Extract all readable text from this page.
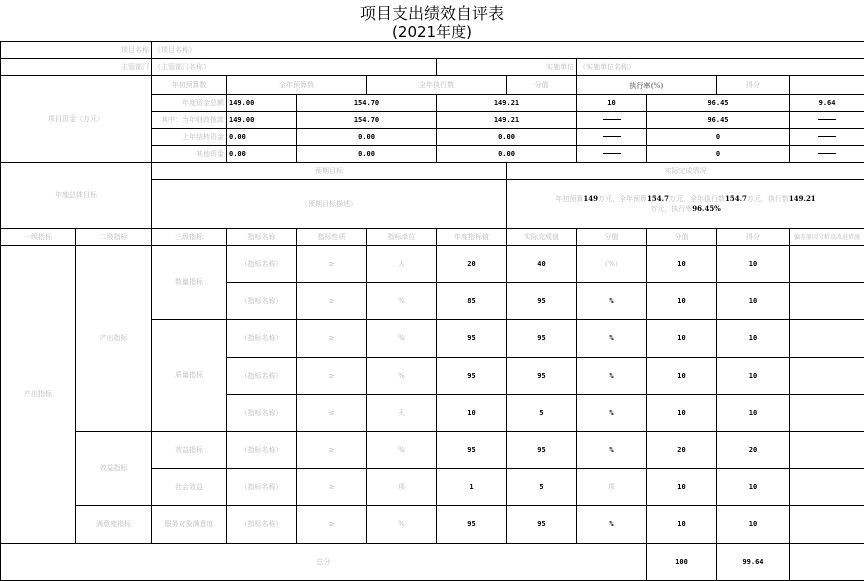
项目支出绩效自评表
(2021年度)
项目名称		（项目名称）										
主管部门		（主管部门名称）				实施单位		（实施单位名称）				
项目资金（万元）		年初预算数	全年预算数		全年执行数		分值	执行率(%)		得分		
		年度资金总额	149.00	154.70		149.21		10	96.45		9.64	
		其中：当年财政拨款	149.00	154.70		149.21			96.45			
		上年结转资金	0.00	0.00		0.00			0			
		其他资金	0.00	0.00		0.00			0			
年度总体目标		预期目标					实际完成情况					
		（预期目标描述）					年初预算149万元，全年预算154.7万元，全年执行数154.7万元，执行数149.21
万元，执行率96.45%					
一级指标	二级指标	三级指标	指标名称	指标性质	指标单位	年度指标值	实际完成值	分值	分值	得分	偏差原因分析及改进措施	
产出指标	产出指标	数量指标	（指标名称）	≥	人	20	40	（%）	10	10		
			（指标名称）	≥	%	85	95	%	10	10		
		质量指标	（指标名称）	≥	%	95	95	%	10	10		
			（指标名称）	≥	%	95	95	%	10	10		
			（指标名称）	≤	天	10	5	%	10	10		
	效益指标	效益指标	（指标名称）	≥	%	95	95	%	20	20		
		社会效益	（指标名称）	≥	项	1	5	项	10	10		
	满意度指标	服务对象满意度	（指标名称）	≥	%	95	95	%	10	10		
总分									100	99.64		
